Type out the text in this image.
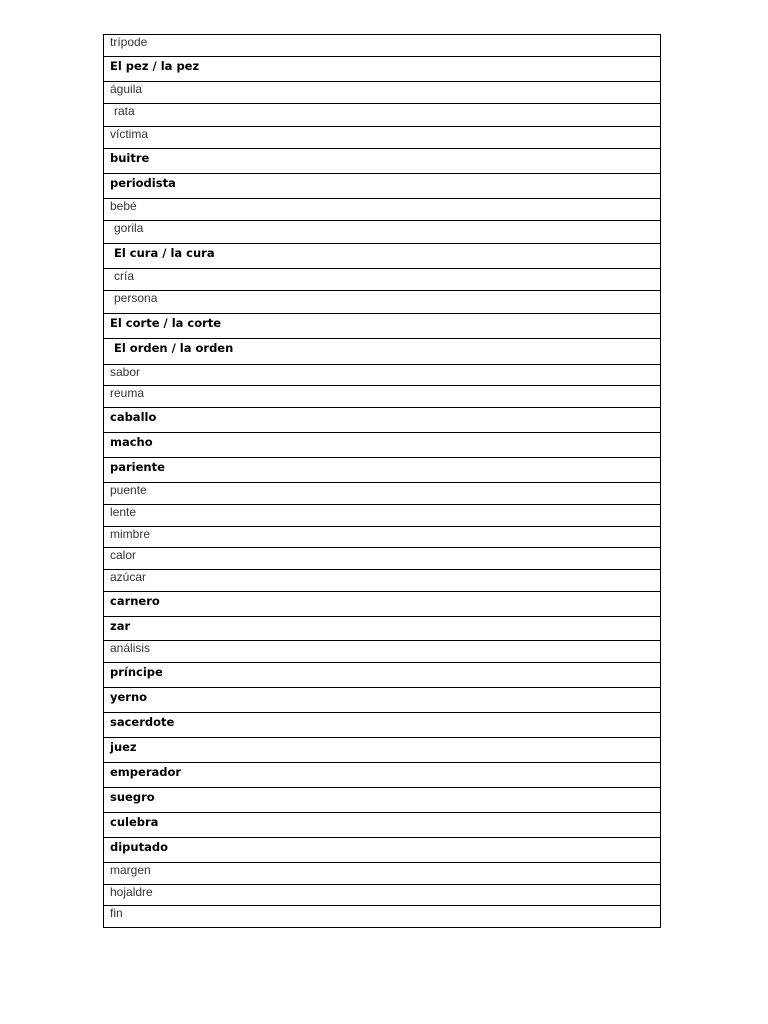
trípode
El pez / la pez
águila
rata
víctima
buitre
periodista
bebé
gorila
El cura / la cura
cría
persona
El corte / la corte
El orden / la orden
sabor
reuma
caballo
macho
pariente
puente
lente
mimbre
calor
azúcar
carnero
zar
análisis
príncipe
yerno
sacerdote
juez
emperador
suegro
culebra
diputado
margen
hojaldre
fin
